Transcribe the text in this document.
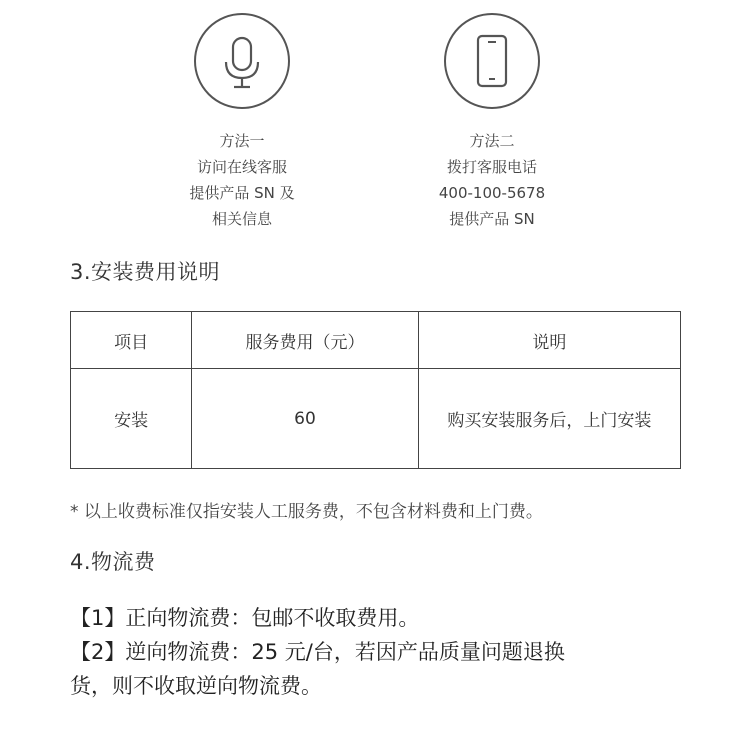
方法一
访问在线客服
提供产品 SN 及
相关信息
方法二
拨打客服电话
400-100-5678
提供产品 SN
3.安装费用说明
项目	服务费用（元）	说明
安装	60	购买安装服务后，上门安装
* 以上收费标准仅指安装人工服务费，不包含材料费和上门费。
4.物流费
【1】正向物流费：包邮不收取费用。
【2】逆向物流费：25 元/台，若因产品质量问题退换
货，则不收取逆向物流费。
